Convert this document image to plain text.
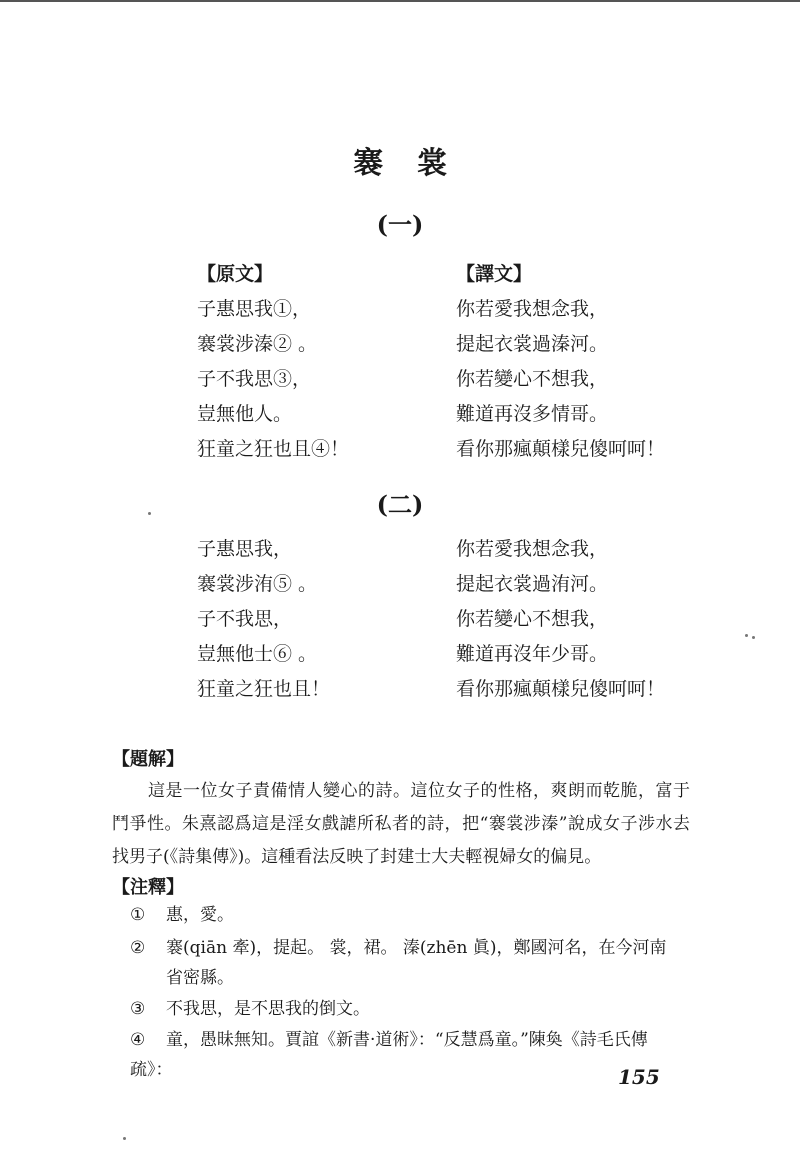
褰裳
(一)
【原文】
子惠思我①，
褰裳涉溱② 。
子不我思③，
豈無他人。
狂童之狂也且④！
【譯文】
你若愛我想念我，
提起衣裳過溱河。
你若變心不想我，
難道再沒多情哥。
看你那瘋顛樣兒傻呵呵！
(二)
子惠思我，
褰裳涉洧⑤ 。
子不我思，
豈無他士⑥ 。
狂童之狂也且！
你若愛我想念我，
提起衣裳過洧河。
你若變心不想我，
難道再沒年少哥。
看你那瘋顛樣兒傻呵呵！
【題解】
這是一位女子責備情人變心的詩。這位女子的性格，爽朗而乾脆，富于鬥爭性。朱熹認爲這是淫女戲謔所私者的詩，把“褰裳涉溱”說成女子涉水去找男子(《詩集傳》)。這種看法反映了封建士大夫輕視婦女的偏見。
【注釋】
① 惠，愛。
② 褰(qiān 牽)，提起。 裳，裙。 溱(zhēn 眞)，鄭國河名，在今河南
省密縣。
③ 不我思，是不思我的倒文。
④ 童，愚昧無知。賈誼《新書·道術》：“反慧爲童。”陳奐《詩毛氏傳疏》：	155
